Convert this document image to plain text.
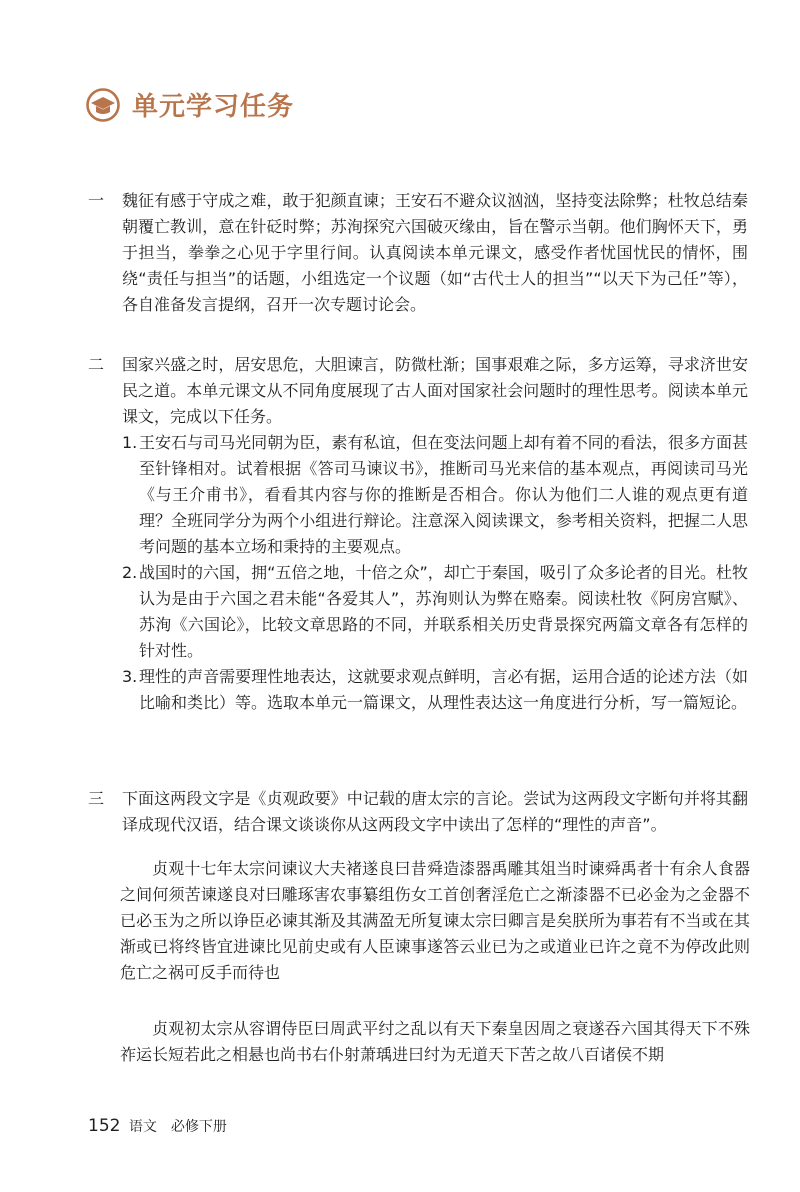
单元学习任务
一 魏征有感于守成之难，敢于犯颜直谏；王安石不避众议汹汹，坚持变法除弊；杜牧总结秦朝覆亡教训，意在针砭时弊；苏洵探究六国破灭缘由，旨在警示当朝。他们胸怀天下，勇于担当，拳拳之心见于字里行间。认真阅读本单元课文，感受作者忧国忧民的情怀，围绕“责任与担当”的话题，小组选定一个议题（如“古代士人的担当”“以天下为己任”等），各自准备发言提纲，召开一次专题讨论会。
二 国家兴盛之时，居安思危，大胆谏言，防微杜渐；国事艰难之际，多方运筹，寻求济世安民之道。本单元课文从不同角度展现了古人面对国家社会问题时的理性思考。阅读本单元课文，完成以下任务。
1. 王安石与司马光同朝为臣，素有私谊，但在变法问题上却有着不同的看法，很多方面甚至针锋相对。试着根据《答司马谏议书》，推断司马光来信的基本观点，再阅读司马光《与王介甫书》，看看其内容与你的推断是否相合。你认为他们二人谁的观点更有道理？全班同学分为两个小组进行辩论。注意深入阅读课文，参考相关资料，把握二人思考问题的基本立场和秉持的主要观点。
2. 战国时的六国，拥“五倍之地，十倍之众”，却亡于秦国，吸引了众多论者的目光。杜牧认为是由于六国之君未能“各爱其人”，苏洵则认为弊在赂秦。阅读杜牧《阿房宫赋》、苏洵《六国论》，比较文章思路的不同，并联系相关历史背景探究两篇文章各有怎样的针对性。
3. 理性的声音需要理性地表达，这就要求观点鲜明，言必有据，运用合适的论述方法（如比喻和类比）等。选取本单元一篇课文，从理性表达这一角度进行分析，写一篇短论。
三 下面这两段文字是《贞观政要》中记载的唐太宗的言论。尝试为这两段文字断句并将其翻译成现代汉语，结合课文谈谈你从这两段文字中读出了怎样的“理性的声音”。
贞观十七年太宗问谏议大夫褚遂良曰昔舜造漆器禹雕其俎当时谏舜禹者十有余人食器之间何须苦谏遂良对曰雕琢害农事纂组伤女工首创奢淫危亡之渐漆器不已必金为之金器不已必玉为之所以诤臣必谏其渐及其满盈无所复谏太宗曰卿言是矣朕所为事若有不当或在其渐或已将终皆宜进谏比见前史或有人臣谏事遂答云业已为之或道业已许之竟不为停改此则危亡之祸可反手而待也
贞观初太宗从容谓侍臣曰周武平纣之乱以有天下秦皇因周之衰遂吞六国其得天下不殊祚运长短若此之相悬也尚书右仆射萧瑀进曰纣为无道天下苦之故八百诸侯不期
152 语文　必修下册
